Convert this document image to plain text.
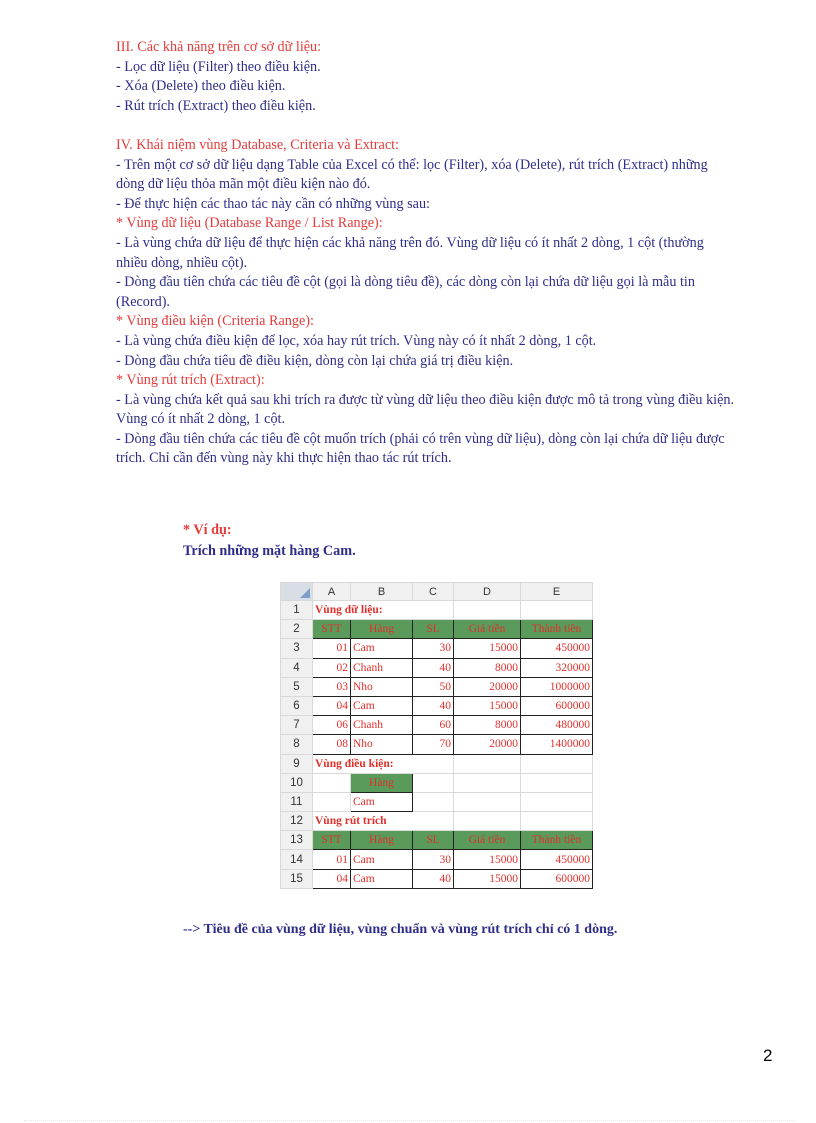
III. Các khả năng trên cơ sở dữ liệu:

- Lọc dữ liệu (Filter) theo điều kiện.

- Xóa (Delete) theo điều kiện.

- Rút trích (Extract) theo điều kiện.

IV. Khái niệm vùng Database, Criteria và Extract:

- Trên một cơ sở dữ liệu dạng Table của Excel có thể: lọc (Filter), xóa (Delete), rút trích (Extract) những dòng dữ liệu thỏa mãn một điều kiện nào đó.

- Để thực hiện các thao tác này cần có những vùng sau:

* Vùng dữ liệu (Database Range / List Range):

- Là vùng chứa dữ liệu để thực hiện các khả năng trên đó. Vùng dữ liệu có ít nhất 2 dòng, 1 cột (thường nhiều dòng, nhiều cột).

- Dòng đầu tiên chứa các tiêu đề cột (gọi là dòng tiêu đề), các dòng còn lại chứa dữ liệu gọi là mẫu tin (Record).

* Vùng điều kiện (Criteria Range):

- Là vùng chứa điều kiện để lọc, xóa hay rút trích. Vùng này có ít nhất 2 dòng, 1 cột.

- Dòng đầu chứa tiêu đề điều kiện, dòng còn lại chứa giá trị điều kiện.

* Vùng rút trích (Extract):

- Là vùng chứa kết quả sau khi trích ra được từ vùng dữ liệu theo điều kiện được mô tả trong vùng điều kiện. Vùng có ít nhất 2 dòng, 1 cột.

- Dòng đầu tiên chứa các tiêu đề cột muốn trích (phải có trên vùng dữ liệu), dòng còn lại chứa dữ liệu được trích. Chỉ cần đến vùng này khi thực hiện thao tác rút trích.

* Ví dụ:
Trích những mặt hàng Cam.
	A	B	C	D	E
1	Vùng dữ liệu:				
2	STT	Hàng	SL	Giá tiền	Thành tiền
3	01	Cam	30	15000	450000
4	02	Chanh	40	8000	320000
5	03	Nho	50	20000	1000000
6	04	Cam	40	15000	600000
7	06	Chanh	60	8000	480000
8	08	Nho	70	20000	1400000
9	Vùng điều kiện:				
10		Hàng			
11		Cam			
12	Vùng rút trích				
13	STT	Hàng	SL	Giá tiền	Thành tiền
14	01	Cam	30	15000	450000
15	04	Cam	40	15000	600000
--> Tiêu đề của vùng dữ liệu, vùng chuẩn và vùng rút trích chỉ có 1 dòng.
2
